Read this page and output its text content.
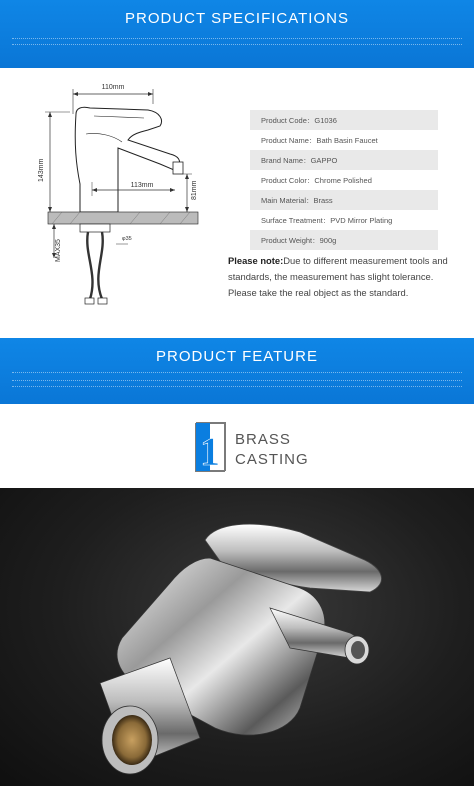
PRODUCT SPECIFICATIONS
110mm
143mm
113mm	81mm
MAX35
φ35
Product Code：G1036
Product Name：Bath Basin Faucet
Brand Name：GAPPO
Product Color：Chrome Polished
Main Material：Brass
Surface Treatment：PVD Mirror Plating
Product Weight：900g
Please note:Due to different measurement tools and standards, the measurement has slight tolerance. Please take the real object as the standard.
PRODUCT FEATURE
1 BRASS
CASTING
